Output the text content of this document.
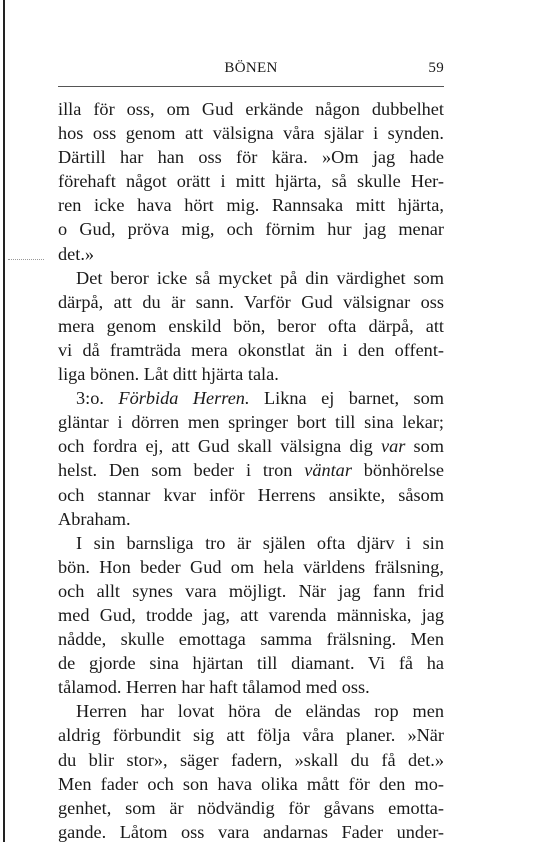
BÖNEN	59
illa för oss, om Gud erkände någon dubbelhet
hos oss genom att välsigna våra själar i synden.
Därtill har han oss för kära. »Om jag hade
förehaft något orätt i mitt hjärta, så skulle Her-
ren icke hava hört mig. Rannsaka mitt hjärta,
o Gud, pröva mig, och förnim hur jag menar
det.»
Det beror icke så mycket på din värdighet som
därpå, att du är sann. Varför Gud välsignar oss
mera genom enskild bön, beror ofta därpå, att
vi då framträda mera okonstlat än i den offent-
liga bönen. Låt ditt hjärta tala.
3:o. Förbida Herren. Likna ej barnet, som
gläntar i dörren men springer bort till sina lekar;
och fordra ej, att Gud skall välsigna dig var som
helst. Den som beder i tron väntar bönhörelse
och stannar kvar inför Herrens ansikte, såsom
Abraham.
I sin barnsliga tro är själen ofta djärv i sin
bön. Hon beder Gud om hela världens frälsning,
och allt synes vara möjligt. När jag fann frid
med Gud, trodde jag, att varenda människa, jag
nådde, skulle emottaga samma frälsning. Men
de gjorde sina hjärtan till diamant. Vi få ha
tålamod. Herren har haft tålamod med oss.
Herren har lovat höra de eländas rop men
aldrig förbundit sig att följa våra planer. »När
du blir stor», säger fadern, »skall du få det.»
Men fader och son hava olika mått för den mo-
genhet, som är nödvändig för gåvans emotta-
gande. Låtom oss vara andarnas Fader under-
